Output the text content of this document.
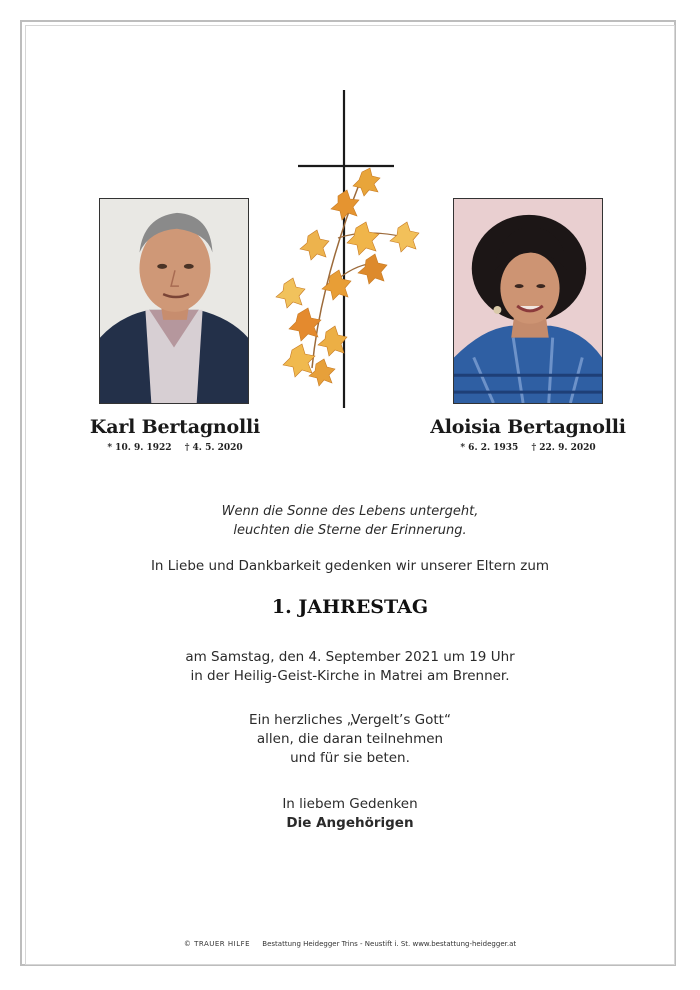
Karl Bertagnolli
* 10. 9. 1922 † 4. 5. 2020
Aloisia Bertagnolli
* 6. 2. 1935 † 22. 9. 2020
Wenn die Sonne des Lebens untergeht,
leuchten die Sterne der Erinnerung.
In Liebe und Dankbarkeit gedenken wir unserer Eltern zum
1. JAHRESTAG
am Samstag, den 4. September 2021 um 19 Uhr
in der Heilig-Geist-Kirche in Matrei am Brenner.
Ein herzliches „Vergelt’s Gott“
allen, die daran teilnehmen
und für sie beten.
In liebem Gedenken
Die Angehörigen
© TRAUER HILFE Bestattung Heidegger Trins - Neustift i. St. www.bestattung-heidegger.at
